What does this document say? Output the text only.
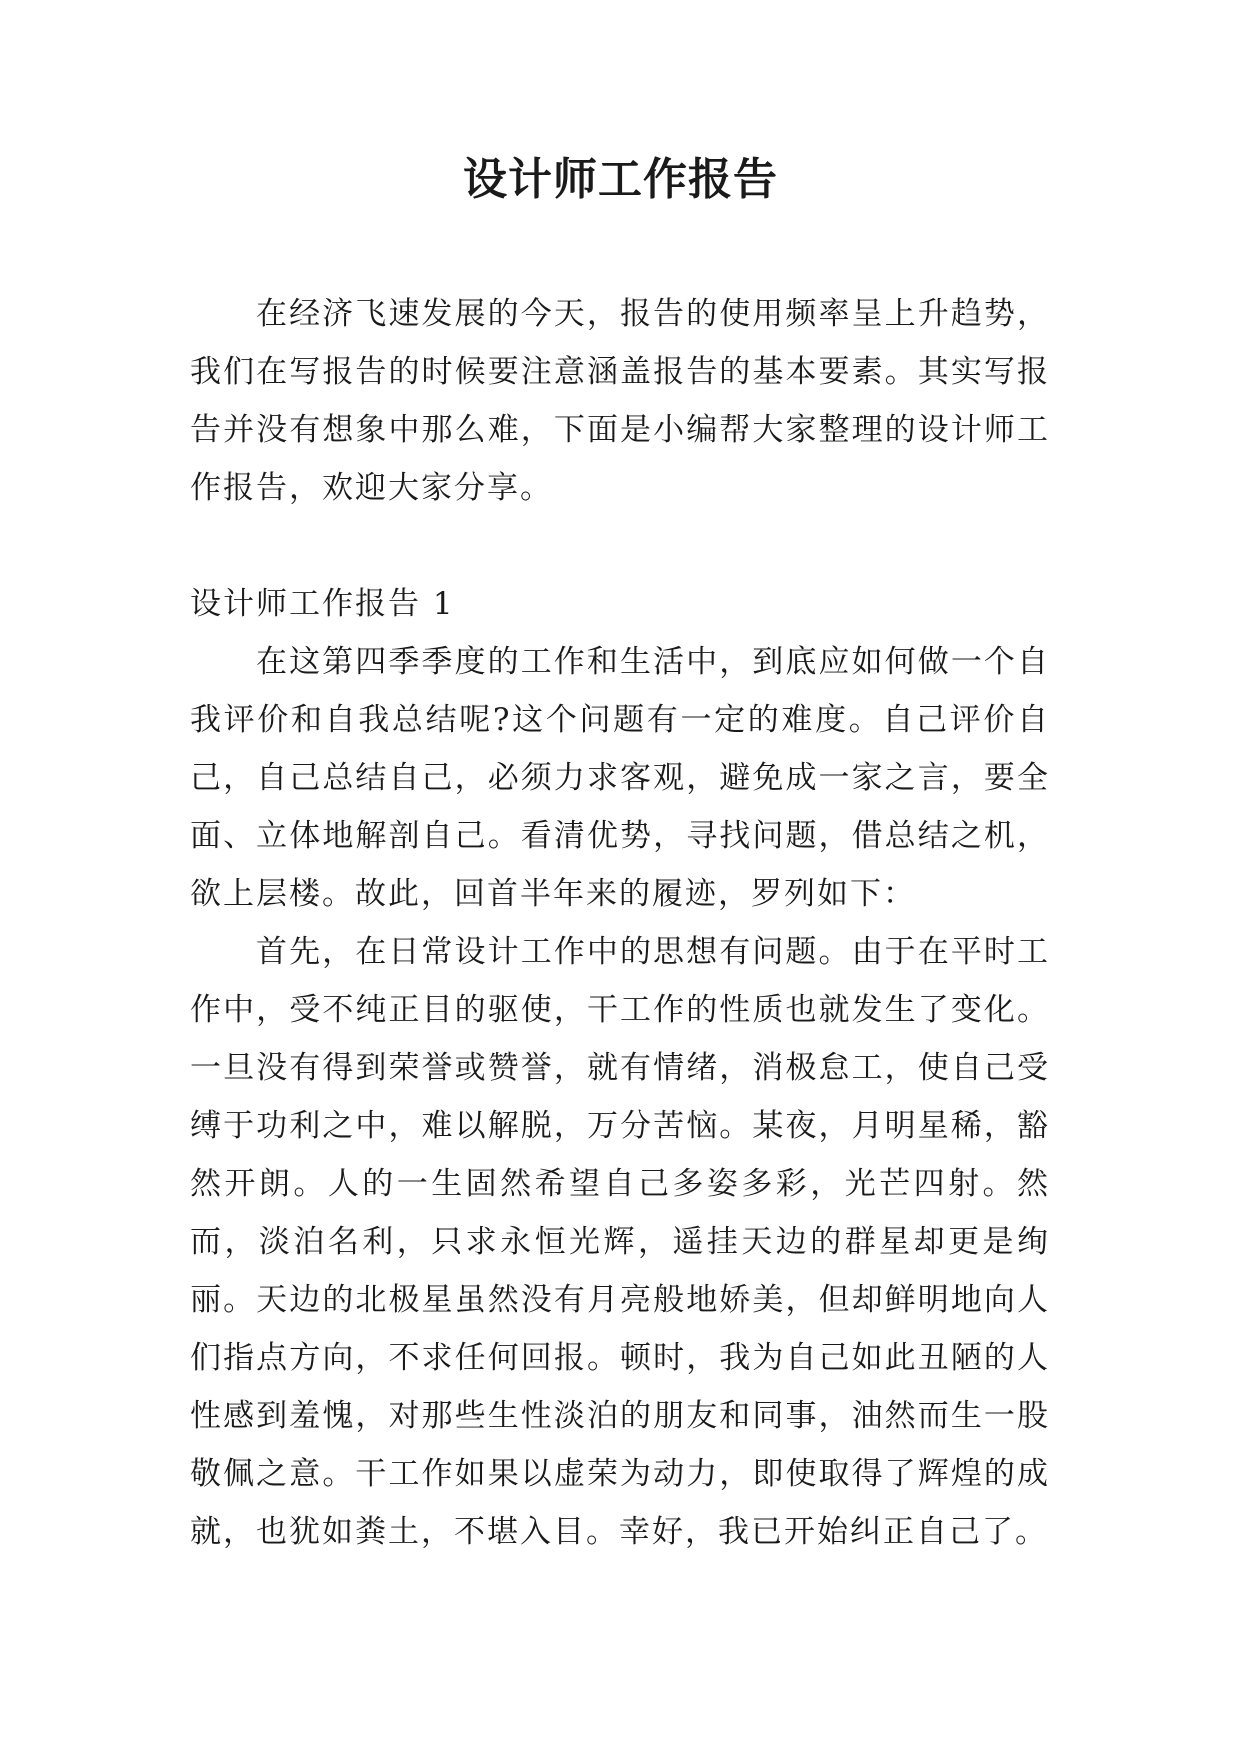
设计师工作报告

在经济飞速发展的今天，报告的使用频率呈上升趋势，我们在写报告的时候要注意涵盖报告的基本要素。其实写报告并没有想象中那么难，下面是小编帮大家整理的设计师工作报告，欢迎大家分享。

设计师工作报告 1

在这第四季季度的工作和生活中，到底应如何做一个自我评价和自我总结呢?这个问题有一定的难度。自己评价自己，自己总结自己，必须力求客观，避免成一家之言，要全面、立体地解剖自己。看清优势，寻找问题，借总结之机，欲上层楼。故此，回首半年来的履迹，罗列如下：

首先，在日常设计工作中的思想有问题。由于在平时工作中，受不纯正目的驱使，干工作的性质也就发生了变化。一旦没有得到荣誉或赞誉，就有情绪，消极怠工，使自己受缚于功利之中，难以解脱，万分苦恼。某夜，月明星稀，豁然开朗。人的一生固然希望自己多姿多彩，光芒四射。然而，淡泊名利，只求永恒光辉，遥挂天边的群星却更是绚丽。天边的北极星虽然没有月亮般地娇美，但却鲜明地向人们指点方向，不求任何回报。顿时，我为自己如此丑陋的人性感到羞愧，对那些生性淡泊的朋友和同事，油然而生一股敬佩之意。干工作如果以虚荣为动力，即使取得了辉煌的成就，也犹如粪土，不堪入目。幸好，我已开始纠正自己了。
